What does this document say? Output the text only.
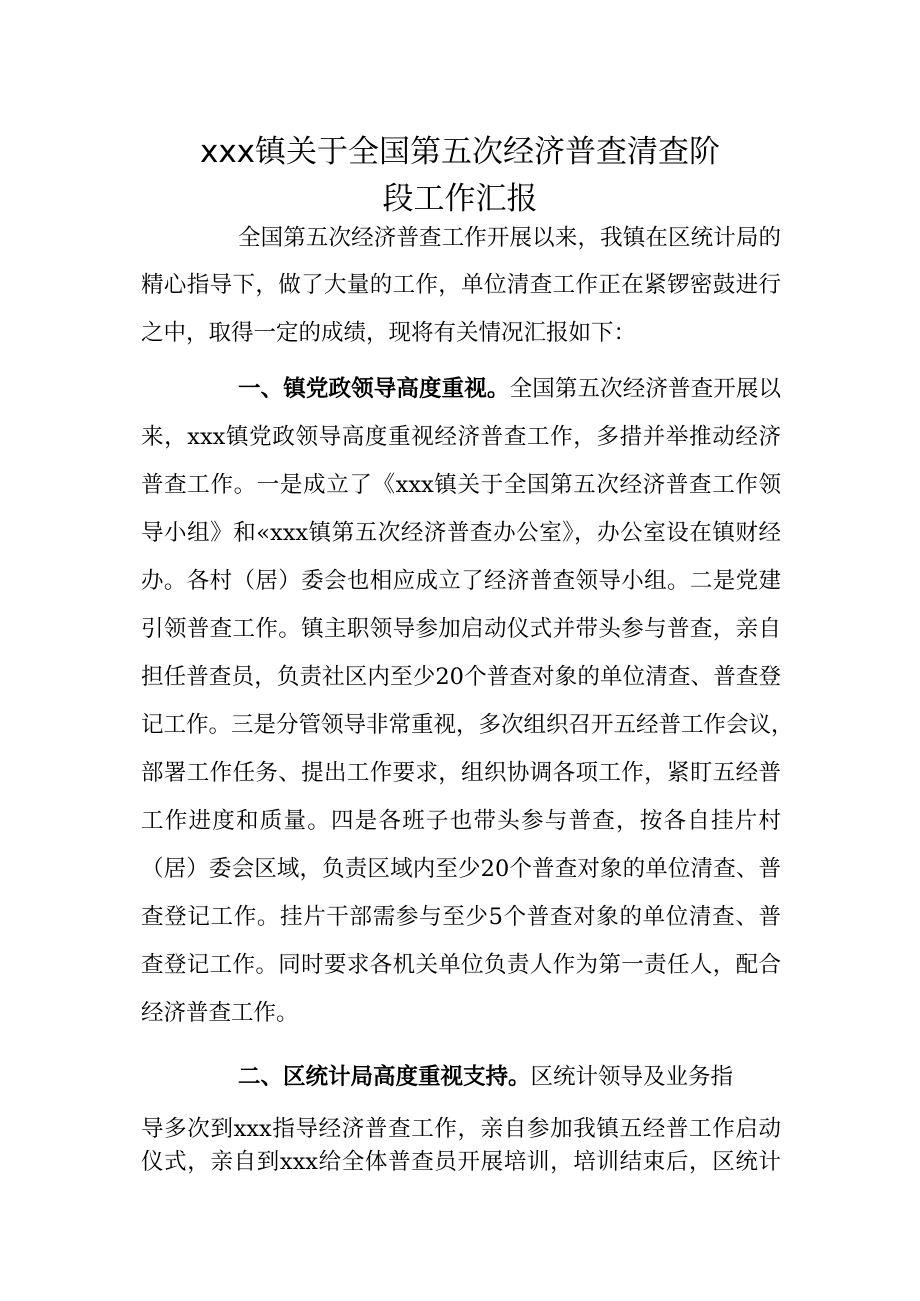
xxx镇关于全国第五次经济普查清查阶
段工作汇报
全国第五次经济普查工作开展以来，我镇在区统计局的
精心指导下，做了大量的工作，单位清查工作正在紧锣密鼓进行
之中，取得一定的成绩，现将有关情况汇报如下：
一、镇党政领导高度重视。全国第五次经济普查开展以
来，xxx镇党政领导高度重视经济普查工作，多措并举推动经济
普查工作。一是成立了《xxx镇关于全国第五次经济普查工作领
导小组》和«xxx镇第五次经济普查办公室》，办公室设在镇财经
办。各村（居）委会也相应成立了经济普查领导小组。二是党建
引领普查工作。镇主职领导参加启动仪式并带头参与普查，亲自
担任普查员，负责社区内至少20个普查对象的单位清查、普查登
记工作。三是分管领导非常重视，多次组织召开五经普工作会议，
部署工作任务、提出工作要求，组织协调各项工作，紧盯五经普
工作进度和质量。四是各班子也带头参与普查，按各自挂片村
（居）委会区域，负责区域内至少20个普查对象的单位清查、普
查登记工作。挂片干部需参与至少5个普查对象的单位清查、普
查登记工作。同时要求各机关单位负责人作为第一责任人，配合
经济普查工作。
二、区统计局高度重视支持。区统计领导及业务指
导多次到xxx指导经济普查工作，亲自参加我镇五经普工作启动
仪式，亲自到xxx给全体普查员开展培训，培训结束后，区统计
